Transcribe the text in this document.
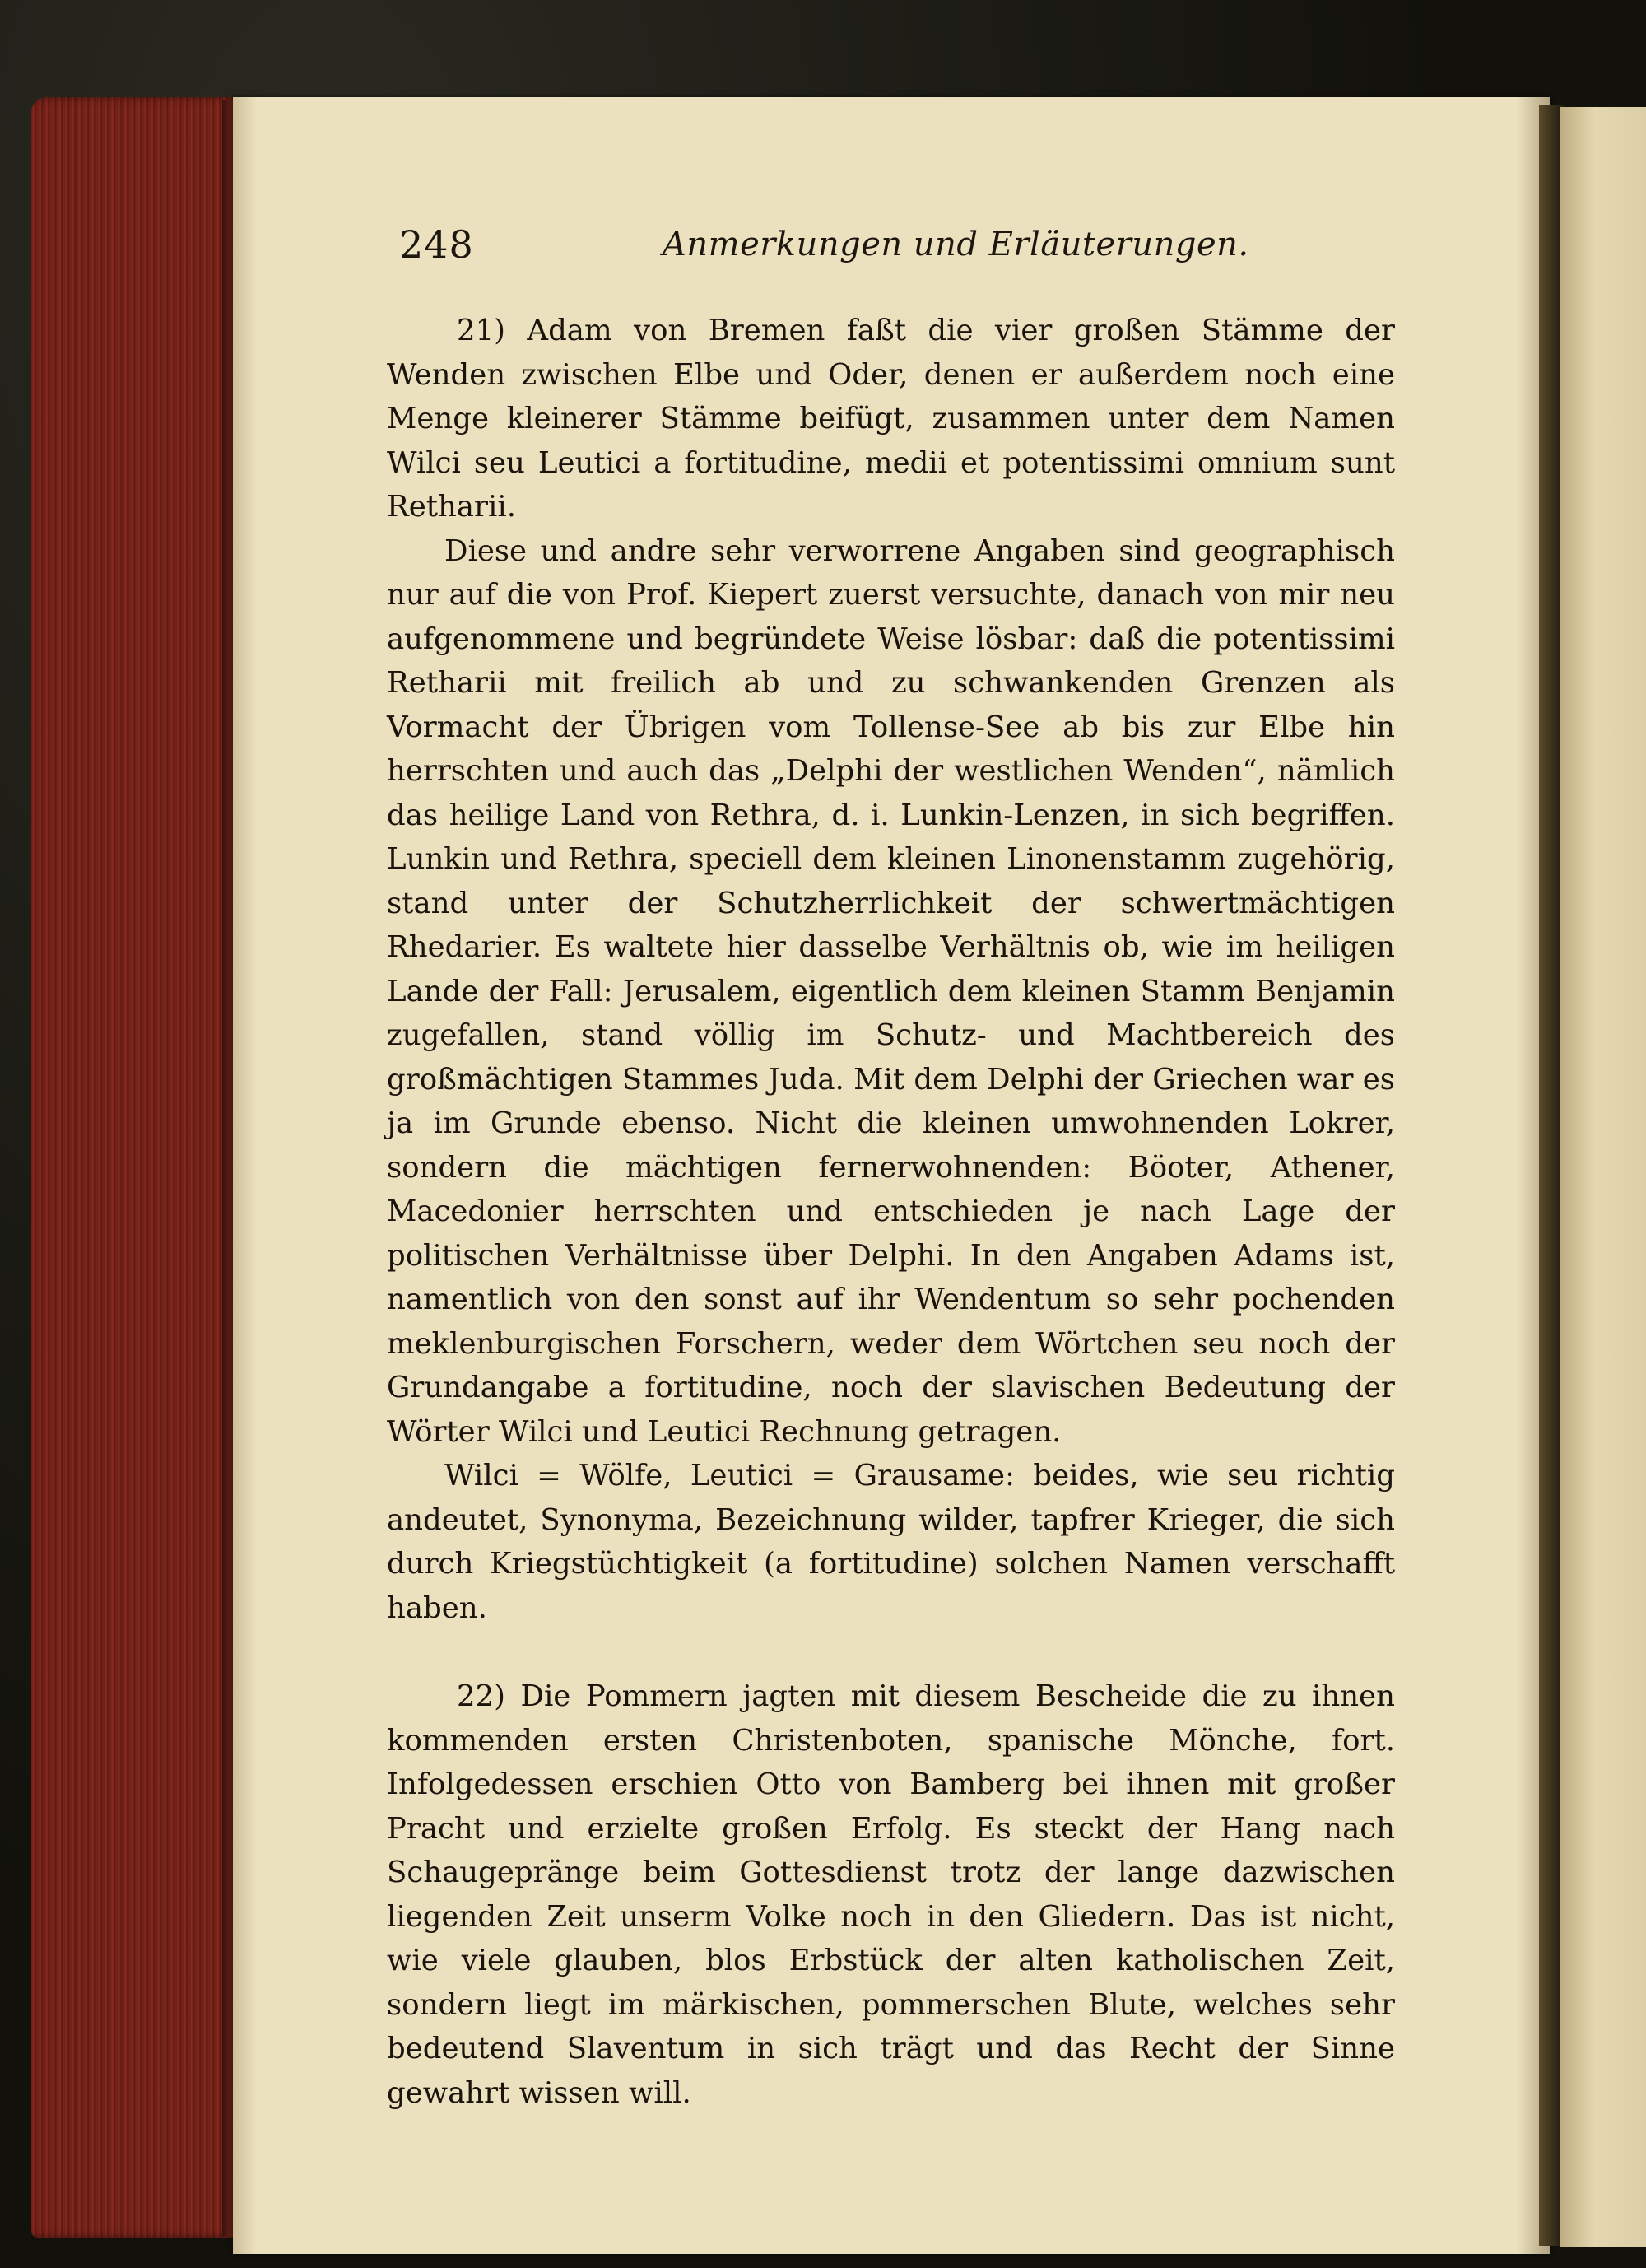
248	Anmerkungen und Erläuterungen.

21) Adam von Bremen faßt die vier großen Stämme der Wenden zwischen Elbe und Oder, denen er außerdem noch eine Menge kleinerer Stämme beifügt, zusammen unter dem Namen Wilci seu Leutici a fortitudine, medii et potentissimi omnium sunt Retharii.

Diese und andre sehr verworrene Angaben sind geographisch nur auf die von Prof. Kiepert zuerst versuchte, danach von mir neu aufgenommene und begründete Weise lösbar: daß die potentissimi Retharii mit freilich ab und zu schwankenden Grenzen als Vormacht der Übrigen vom Tollense-See ab bis zur Elbe hin herrschten und auch das „Delphi der westlichen Wenden“, nämlich das heilige Land von Rethra, d. i. Lunkin-Lenzen, in sich begriffen. Lunkin und Rethra, speciell dem kleinen Linonenstamm zugehörig, stand unter der Schutzherrlichkeit der schwertmächtigen Rhedarier. Es waltete hier dasselbe Verhältnis ob, wie im heiligen Lande der Fall: Jerusalem, eigentlich dem kleinen Stamm Benjamin zugefallen, stand völlig im Schutz- und Machtbereich des großmächtigen Stammes Juda. Mit dem Delphi der Griechen war es ja im Grunde ebenso. Nicht die kleinen umwohnenden Lokrer, sondern die mächtigen fernerwohnenden: Böoter, Athener, Macedonier herrschten und entschieden je nach Lage der politischen Verhältnisse über Delphi. In den Angaben Adams ist, namentlich von den sonst auf ihr Wendentum so sehr pochenden meklenburgischen Forschern, weder dem Wörtchen seu noch der Grundangabe a fortitudine, noch der slavischen Bedeutung der Wörter Wilci und Leutici Rechnung getragen.

Wilci = Wölfe, Leutici = Grausame: beides, wie seu richtig andeutet, Synonyma, Bezeichnung wilder, tapfrer Krieger, die sich durch Kriegstüchtigkeit (a fortitudine) solchen Namen verschafft haben.

22) Die Pommern jagten mit diesem Bescheide die zu ihnen kommenden ersten Christenboten, spanische Mönche, fort. Infolgedessen erschien Otto von Bamberg bei ihnen mit großer Pracht und erzielte großen Erfolg. Es steckt der Hang nach Schaugepränge beim Gottesdienst trotz der lange dazwischen liegenden Zeit unserm Volke noch in den Gliedern. Das ist nicht, wie viele glauben, blos Erbstück der alten katholischen Zeit, sondern liegt im märkischen, pommerschen Blute, welches sehr bedeutend Slaventum in sich trägt und das Recht der Sinne gewahrt wissen will.
